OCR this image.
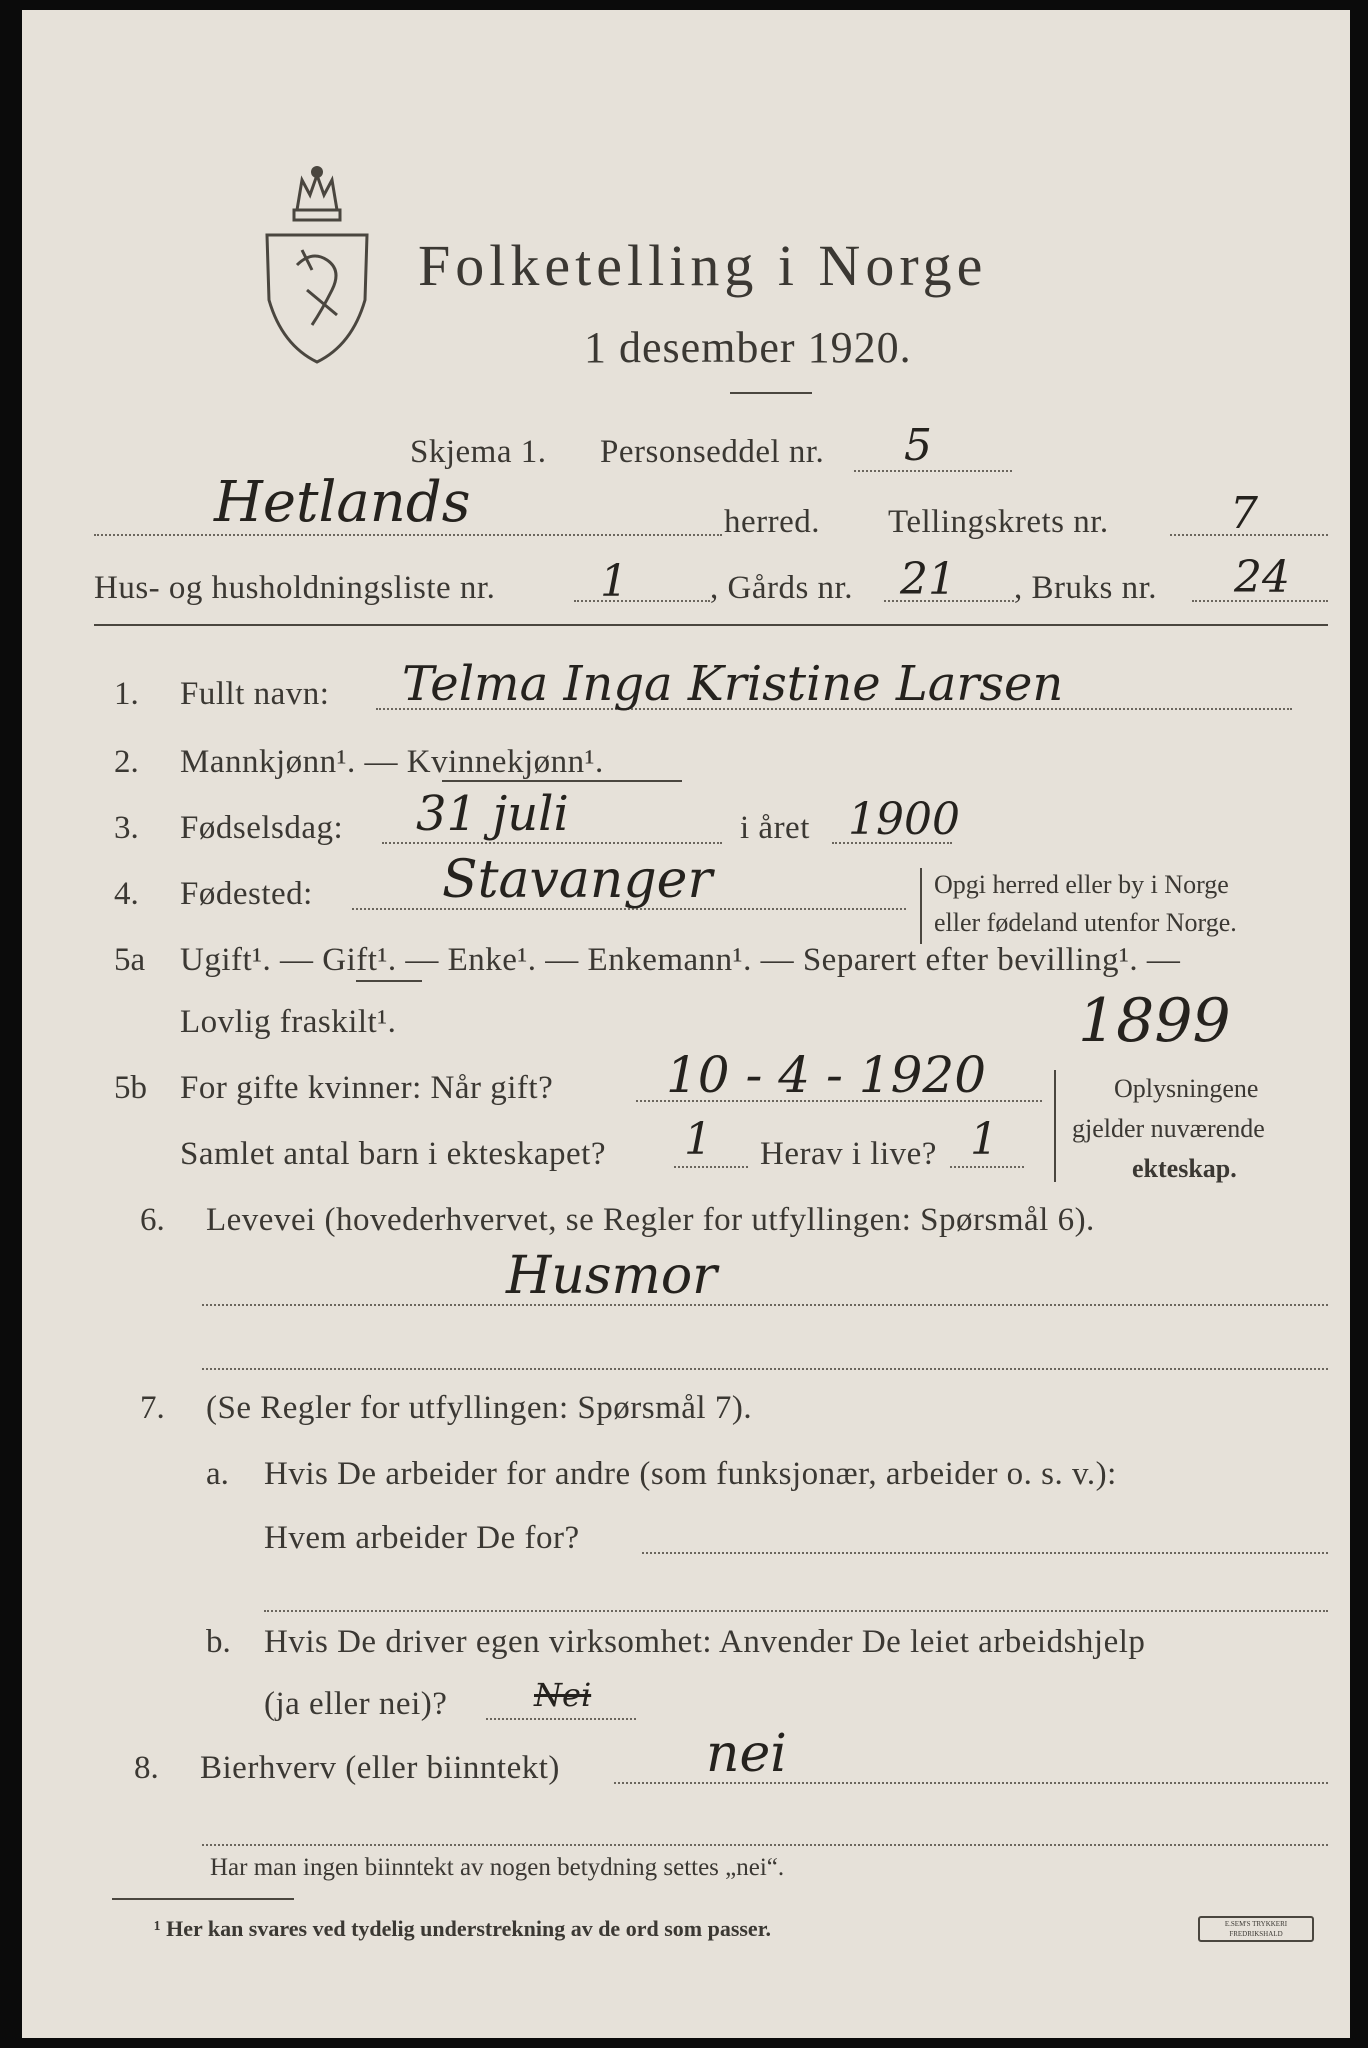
Folketelling i Norge
1 desember 1920.
Skjema 1. Personseddel nr. 5
Hetlands	herred. Tellingskrets nr.	7
Hus- og husholdningsliste nr. 1 , Gårds nr. 21 , Bruks nr. 24
1. Fullt navn: Telma Inga Kristine Larsen
2. Mannkjønn¹. — Kvinnekjønn¹.
3. Fødselsdag: 31 juli	i året 1900
4. Fødested: Stavanger	Opgi herred eller by i Norge
eller fødeland utenfor Norge.
5a Ugift¹. — Gift¹. — Enke¹. — Enkemann¹. — Separert efter bevilling¹. —
Lovlig fraskilt¹.	1899
5b For gifte kvinner: Når gift? 10 - 4 - 1920
Samlet antal barn i ekteskapet? 1 Herav i live? 1
Oplysningene
gjelder nuværende
ekteskap.
6. Levevei (hovederhvervet, se Regler for utfyllingen: Spørsmål 6).
Husmor
7. (Se Regler for utfyllingen: Spørsmål 7).
a. Hvis De arbeider for andre (som funksjonær, arbeider o. s. v.):
Hvem arbeider De for?
b. Hvis De driver egen virksomhet: Anvender De leiet arbeidshjelp
(ja eller nei)?	Nei
8. Bierhverv (eller biinntekt)	nei
Har man ingen biinntekt av nogen betydning settes „nei“.
¹ Her kan svares ved tydelig understrekning av de ord som passer.	E.SEM'S TRYKKERI FREDRIKSHALD
